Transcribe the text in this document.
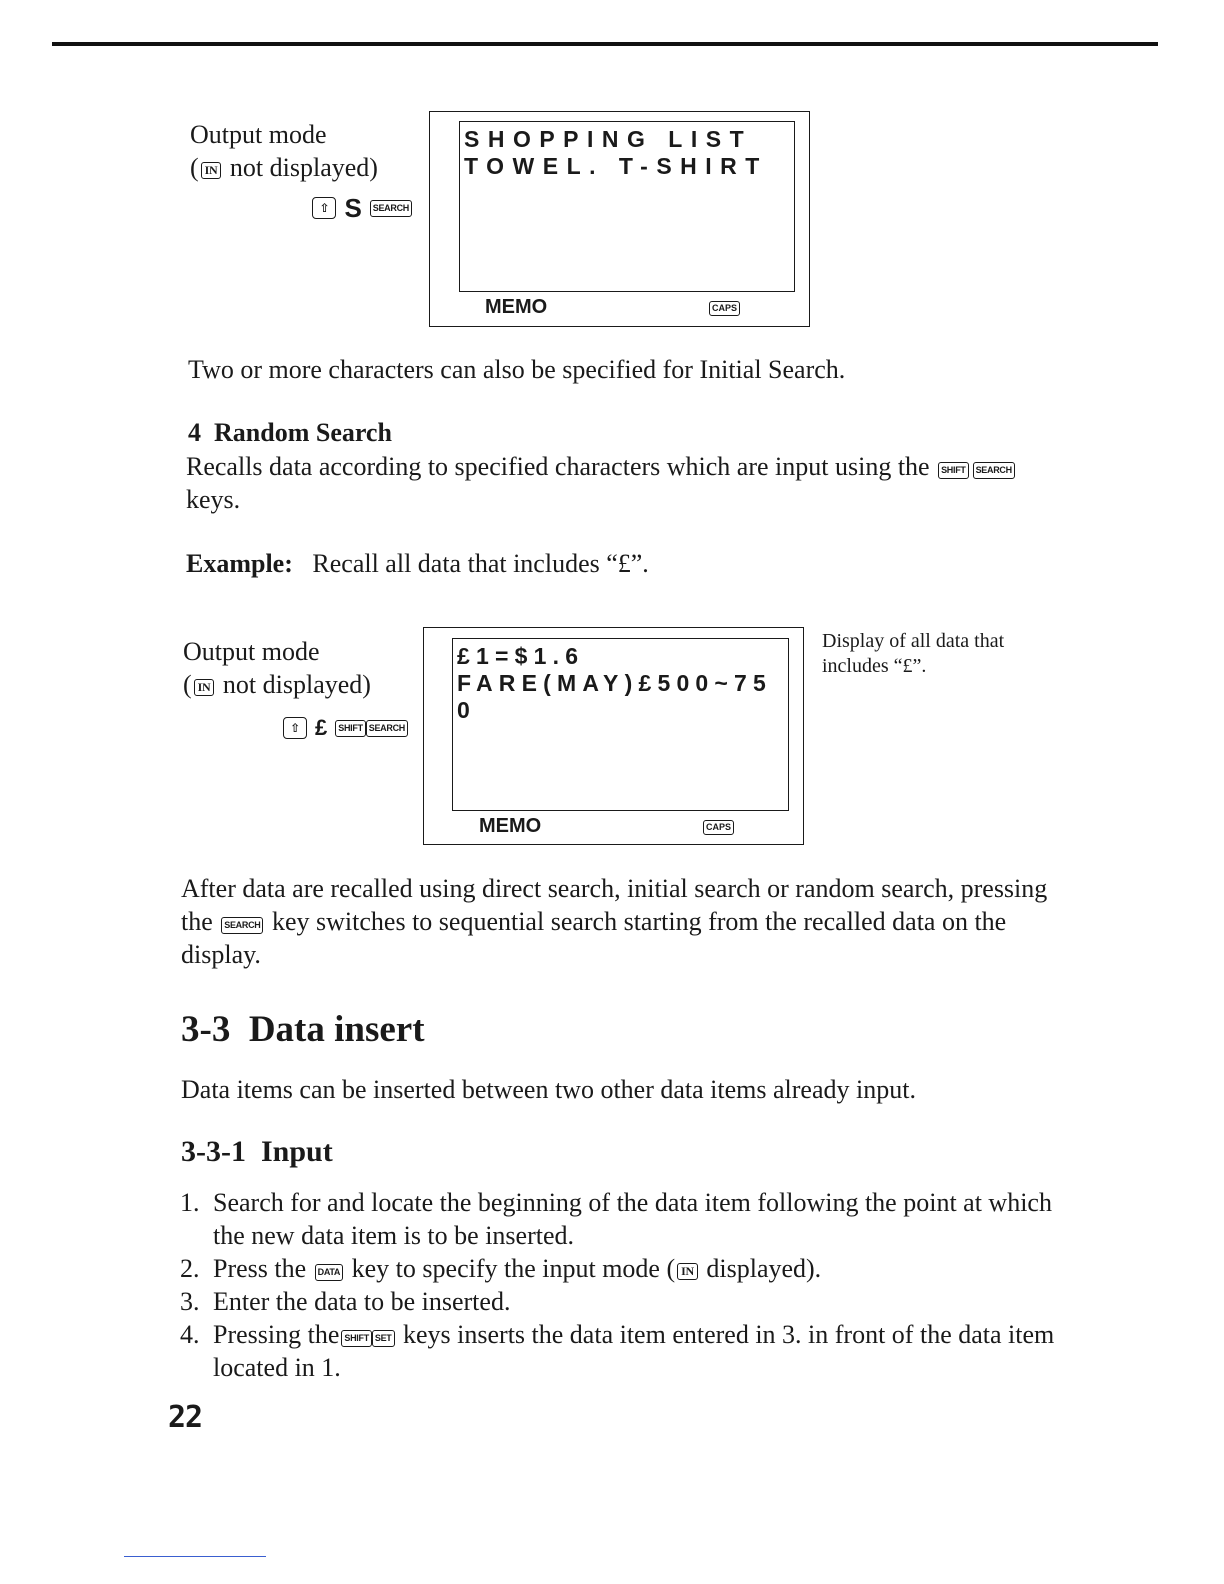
Output mode
( IN not displayed)
⇧ S	SEARCH
SHOPPING LIST
TOWEL. T-SHIRT
MEMO	CAPS
Two or more characters can also be specified for Initial Search.
4  Random Search
Recalls data according to specified characters which are input using the SHIFT SEARCH
keys.
Example: Recall all data that includes “£”.
Output mode
( IN not displayed)
⇧ £	SHIFT SEARCH
£1=$1.6
FARE(MAY)£500~75
0
MEMO	CAPS
Display of all data that includes “£”.
After data are recalled using direct search, initial search or random search, pressing the SEARCH key switches to sequential search starting from the recalled data on the display.
3-3  Data insert
Data items can be inserted between two other data items already input.
3-3-1  Input
1. Search for and locate the beginning of the data item following the point at which the new data item is to be inserted.
2. Press the DATA key to specify the input mode ( IN displayed).
3. Enter the data to be inserted.
4. Pressing the SHIFT SET keys inserts the data item entered in 3. in front of the data item located in 1.
22
